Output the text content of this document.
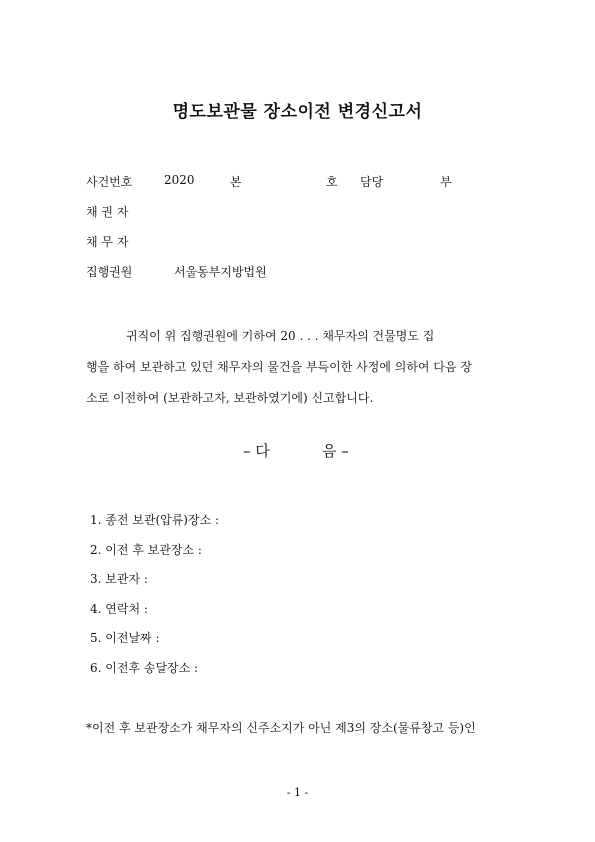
명도보관물 장소이전 변경신고서
사건번호	2020	본	호 담당	부
채 권 자
채 무 자
집행권원	서울동부지방법원
귀직이 위 집행권원에 기하여 20 . . . 채무자의 건물명도 집
행을 하여 보관하고 있던 채무자의 물건을 부득이한 사정에 의하여 다음 장
소로 이전하여 (보관하고자, 보관하였기에) 신고합니다.
– 다	음 –
1. 종전 보관(압류)장소 :
2. 이전 후 보관장소 :
3. 보관자 :
4. 연락처 :
5. 이전날짜 :
6. 이전후 송달장소 :
*이전 후 보관장소가 채무자의 신주소지가 아닌 제3의 장소(물류창고 등)인
- 1 -
